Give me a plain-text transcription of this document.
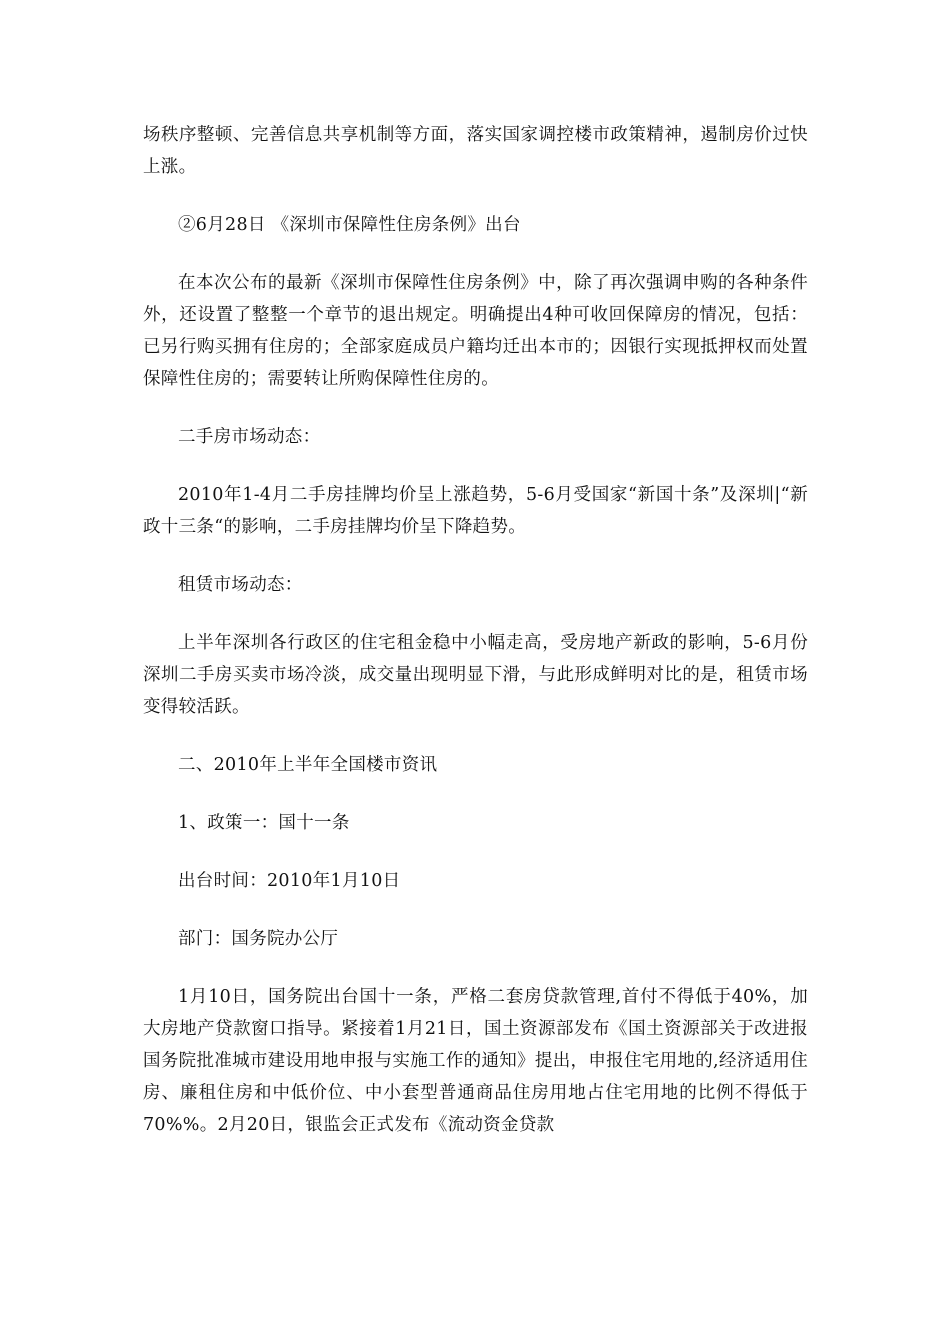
场秩序整顿、完善信息共享机制等方面，落实国家调控楼市政策精神，遏制房价过快上涨。

②6月28日 《深圳市保障性住房条例》出台

在本次公布的最新《深圳市保障性住房条例》中，除了再次强调申购的各种条件外，还设置了整整一个章节的退出规定。明确提出4种可收回保障房的情况，包括：已另行购买拥有住房的；全部家庭成员户籍均迁出本市的；因银行实现抵押权而处置保障性住房的；需要转让所购保障性住房的。

二手房市场动态：

2010年1-4月二手房挂牌均价呈上涨趋势，5-6月受国家“新国十条”及深圳|“新政十三条“的影响，二手房挂牌均价呈下降趋势。

租赁市场动态：

上半年深圳各行政区的住宅租金稳中小幅走高，受房地产新政的影响，5-6月份深圳二手房买卖市场冷淡，成交量出现明显下滑，与此形成鲜明对比的是，租赁市场变得较活跃。

二、2010年上半年全国楼市资讯

1、政策一：国十一条

出台时间：2010年1月10日

部门：国务院办公厅

1月10日，国务院出台国十一条，严格二套房贷款管理,首付不得低于40%，加大房地产贷款窗口指导。紧接着1月21日，国土资源部发布《国土资源部关于改进报国务院批准城市建设用地申报与实施工作的通知》提出，申报住宅用地的,经济适用住房、廉租住房和中低价位、中小套型普通商品住房用地占住宅用地的比例不得低于70%%。2月20日，银监会正式发布《流动资金贷款
